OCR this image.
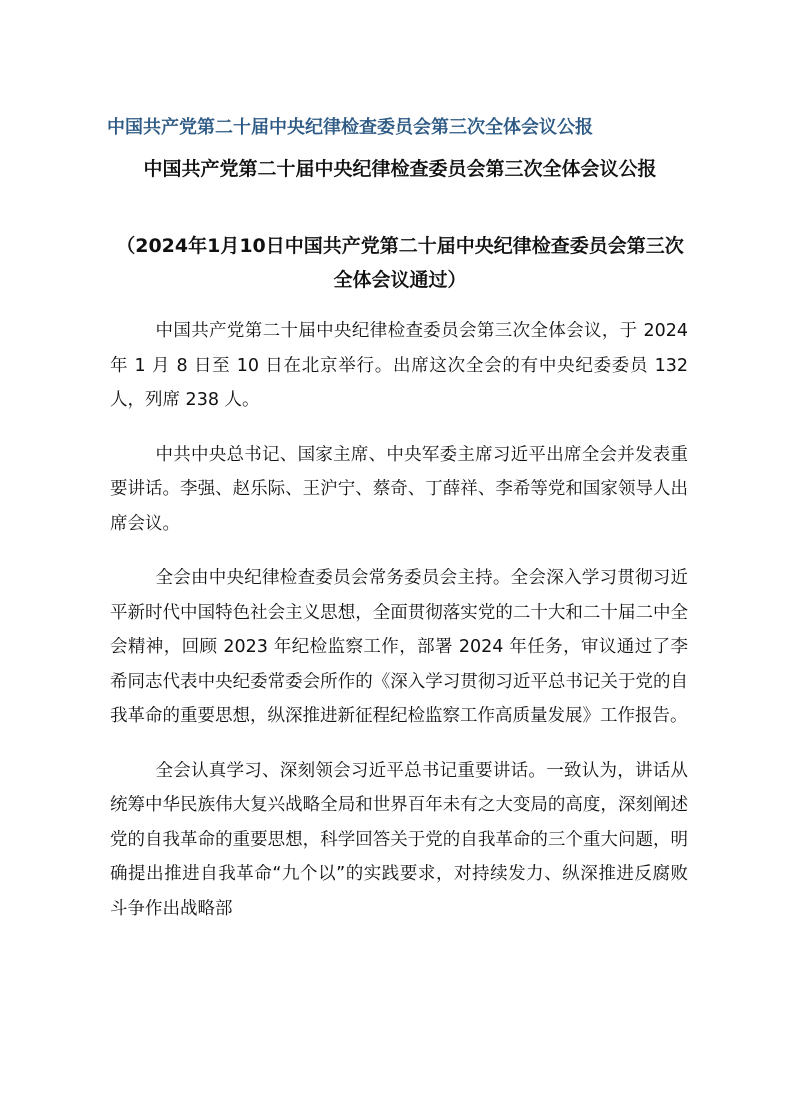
中国共产党第二十届中央纪律检查委员会第三次全体会议公报
中国共产党第二十届中央纪律检查委员会第三次全体会议公报
（2024年1月10日中国共产党第二十届中央纪律检查委员会第三次全体会议通过）

中国共产党第二十届中央纪律检查委员会第三次全体会议，于 2024 年 1 月 8 日至 10 日在北京举行。出席这次全会的有中央纪委委员 132 人，列席 238 人。

中共中央总书记、国家主席、中央军委主席习近平出席全会并发表重要讲话。李强、赵乐际、王沪宁、蔡奇、丁薛祥、李希等党和国家领导人出席会议。

全会由中央纪律检查委员会常务委员会主持。全会深入学习贯彻习近平新时代中国特色社会主义思想，全面贯彻落实党的二十大和二十届二中全会精神，回顾 2023 年纪检监察工作，部署 2024 年任务，审议通过了李希同志代表中央纪委常委会所作的《深入学习贯彻习近平总书记关于党的自我革命的重要思想，纵深推进新征程纪检监察工作高质量发展》工作报告。

全会认真学习、深刻领会习近平总书记重要讲话。一致认为，讲话从统筹中华民族伟大复兴战略全局和世界百年未有之大变局的高度，深刻阐述党的自我革命的重要思想，科学回答关于党的自我革命的三个重大问题，明确提出推进自我革命“九个以”的实践要求，对持续发力、纵深推进反腐败斗争作出战略部
